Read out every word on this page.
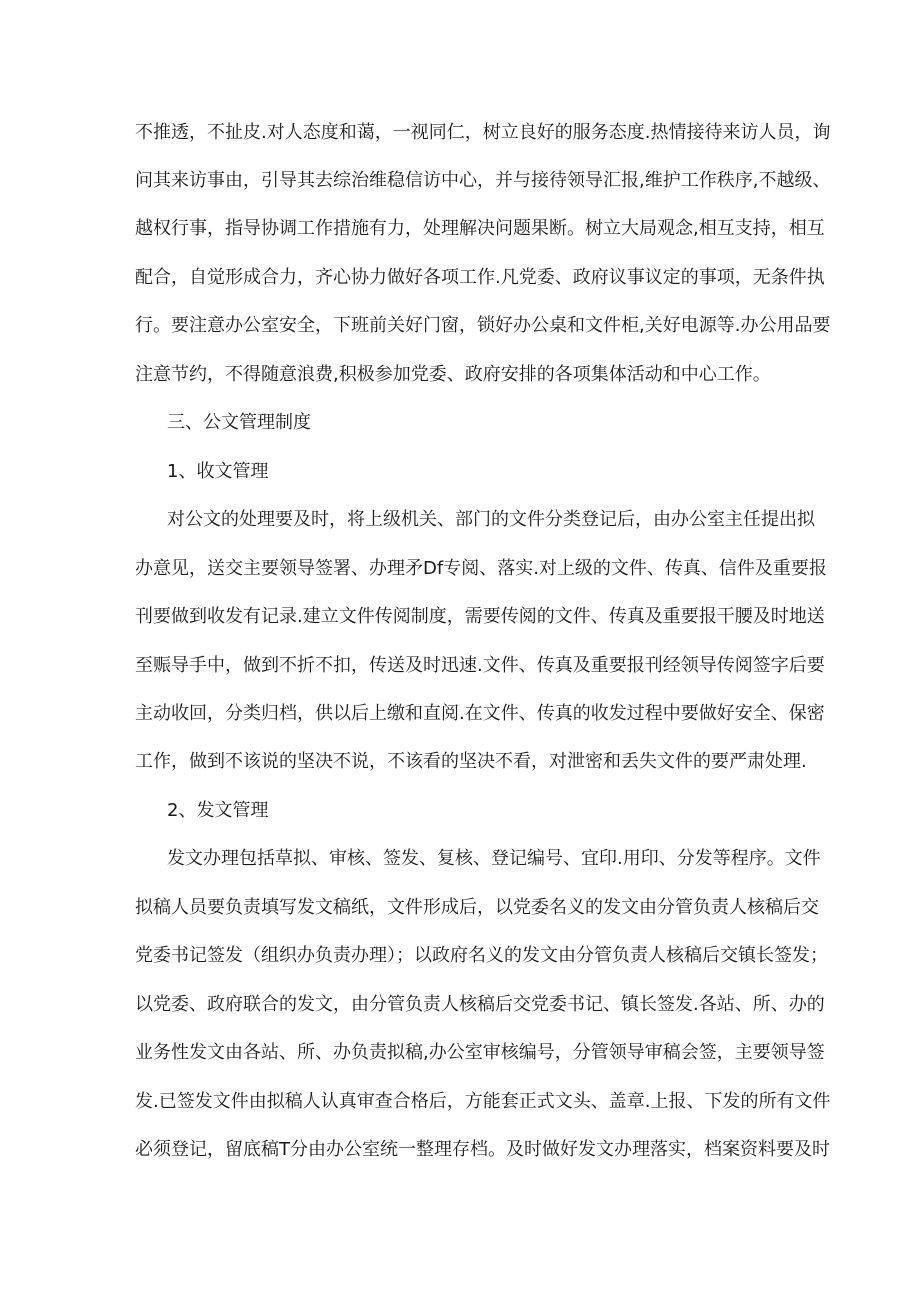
不推透，不扯皮.对人态度和蔼，一视同仁，树立良好的服务态度.热情接待来访人员，询
问其来访事由，引导其去综治维稳信访中心，并与接待领导汇报,维护工作秩序,不越级、
越权行事，指导协调工作措施有力，处理解决问题果断。树立大局观念,相互支持，相互
配合，自觉形成合力，齐心协力做好各项工作.凡党委、政府议事议定的事项，无条件执
行。要注意办公室安全，下班前关好门窗，锁好办公桌和文件柜,关好电源等.办公用品要
注意节约，不得随意浪费,积极参加党委、政府安排的各项集体活动和中心工作。
三、公文管理制度
1、收文管理
对公文的处理要及时，将上级机关、部门的文件分类登记后，由办公室主任提出拟
办意见，送交主要领导签署、办理矛Df专阅、落实.对上级的文件、传真、信件及重要报
刊要做到收发有记录.建立文件传阅制度，需要传阅的文件、传真及重要报干腰及时地送
至赈导手中，做到不折不扣，传送及时迅速.文件、传真及重要报刊经领导传阅签字后要
主动收回，分类归档，供以后上缴和直阅.在文件、传真的收发过程中要做好安全、保密
工作，做到不该说的坚决不说，不该看的坚决不看，对泄密和丢失文件的要严肃处理.
2、发文管理
发文办理包括草拟、审核、签发、复核、登记编号、宜印.用印、分发等程序。文件
拟稿人员要负责填写发文稿纸，文件形成后，以党委名义的发文由分管负责人核稿后交
党委书记签发（组织办负责办理）；以政府名义的发文由分管负责人核稿后交镇长签发；
以党委、政府联合的发文，由分管负责人核稿后交党委书记、镇长签发.各站、所、办的
业务性发文由各站、所、办负责拟稿,办公室审核编号，分管领导审稿会签，主要领导签
发.已签发文件由拟稿人认真审查合格后，方能套正式文头、盖章.上报、下发的所有文件
必须登记，留底稿T分由办公室统一整理存档。及时做好发文办理落实，档案资料要及时
